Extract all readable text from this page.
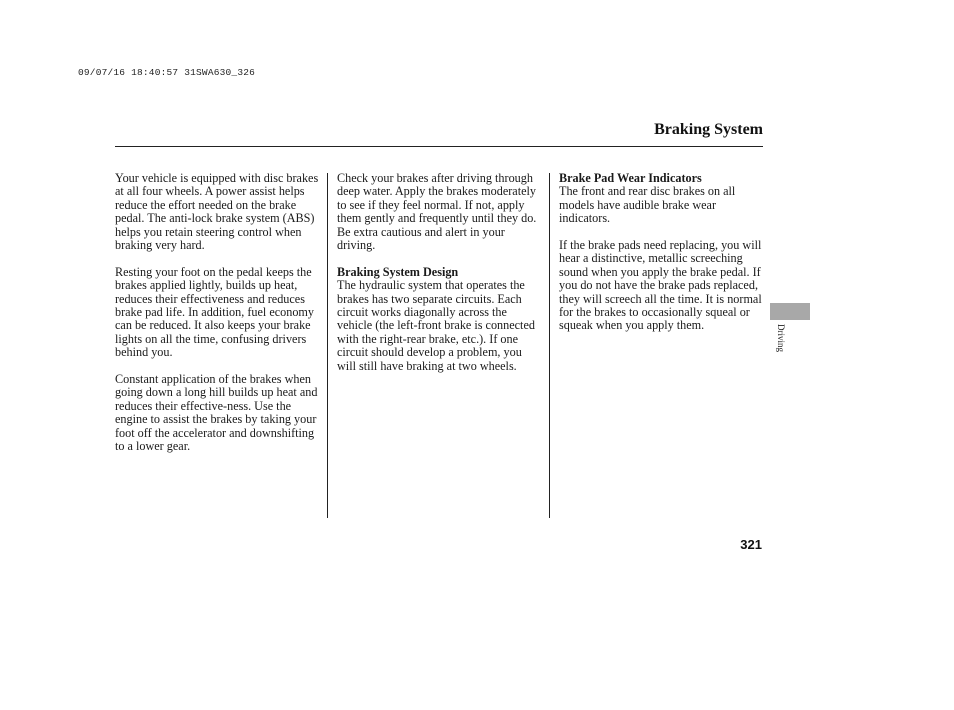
09/07/16 18:40:57 31SWA630_326
Braking System

Your vehicle is equipped with disc brakes at all four wheels. A power assist helps reduce the effort needed on the brake pedal. The anti-lock brake system (ABS) helps you retain steering control when braking very hard.

Resting your foot on the pedal keeps the brakes applied lightly, builds up heat, reduces their effectiveness and reduces brake pad life. In addition, fuel economy can be reduced. It also keeps your brake lights on all the time, confusing drivers behind you.

Constant application of the brakes when going down a long hill builds up heat and reduces their effective-ness. Use the engine to assist the brakes by taking your foot off the accelerator and downshifting to a lower gear.

Check your brakes after driving through deep water. Apply the brakes moderately to see if they feel normal. If not, apply them gently and frequently until they do. Be extra cautious and alert in your driving.

Braking System Design

The hydraulic system that operates the brakes has two separate circuits. Each circuit works diagonally across the vehicle (the left-front brake is connected with the right-rear brake, etc.). If one circuit should develop a problem, you will still have braking at two wheels.

Brake Pad Wear Indicators

The front and rear disc brakes on all models have audible brake wear indicators.

If the brake pads need replacing, you will hear a distinctive, metallic screeching sound when you apply the brake pedal. If you do not have the brake pads replaced, they will screech all the time. It is normal for the brakes to occasionally squeal or squeak when you apply them.	Driving
321
